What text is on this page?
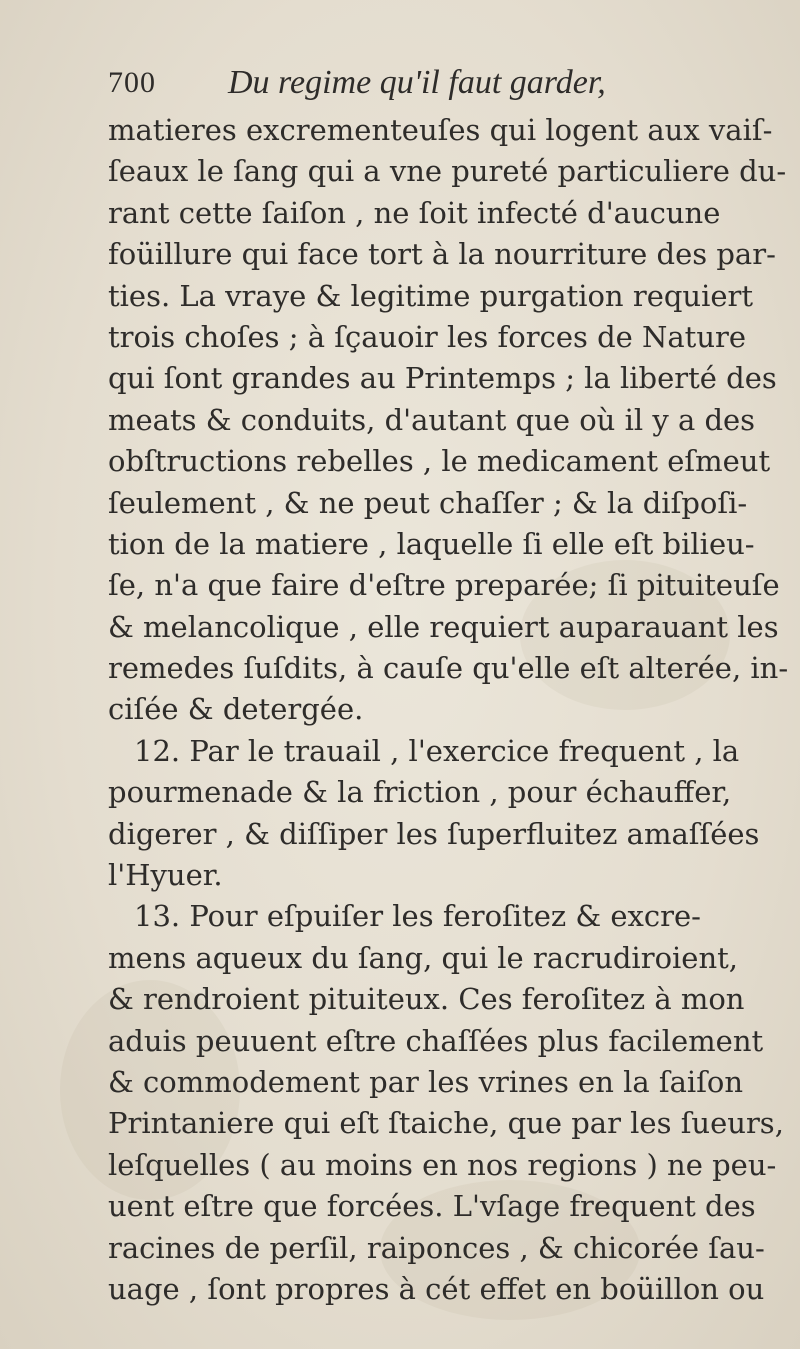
700 Du regime qu'il faut garder,
matieres excrementeuſes qui logent aux vaiſ-
ſeaux le ſang qui a vne pureté particuliere du-
rant cette ſaiſon , ne ſoit infecté d'aucune
foüillure qui face tort à la nourriture des par-
ties. La vraye & legitime purgation requiert
trois choſes ; à ſçauoir les forces de Nature
qui ſont grandes au Printemps ; la liberté des
meats & conduits, d'autant que où il y a des
obſtructions rebelles , le medicament eſmeut
ſeulement , & ne peut chaſſer ; & la diſpoſi-
tion de la matiere , laquelle ſi elle eſt bilieu-
ſe, n'a que faire d'eſtre preparée; ſi pituiteuſe
& melancolique , elle requiert auparauant les
remedes ſuſdits, à cauſe qu'elle eſt alterée, in-
ciſée & detergée.
12. Par le trauail , l'exercice frequent , la
pourmenade & la friction , pour échauffer,
digerer , & diſſiper les ſuperfluitez amaſſées
l'Hyuer.
13. Pour eſpuiſer les feroſitez & excre-
mens aqueux du ſang, qui le racrudiroient,
& rendroient pituiteux. Ces feroſitez à mon
aduis peuuent eſtre chaſſées plus facilement
& commodement par les vrines en la ſaiſon
Printaniere qui eſt ſtaiche, que par les ſueurs,
leſquelles ( au moins en nos regions ) ne peu-
uent eſtre que forcées. L'vſage frequent des
racines de perſil, raiponces , & chicorée ſau-
uage , ſont propres à cét effet en boüillon ou
